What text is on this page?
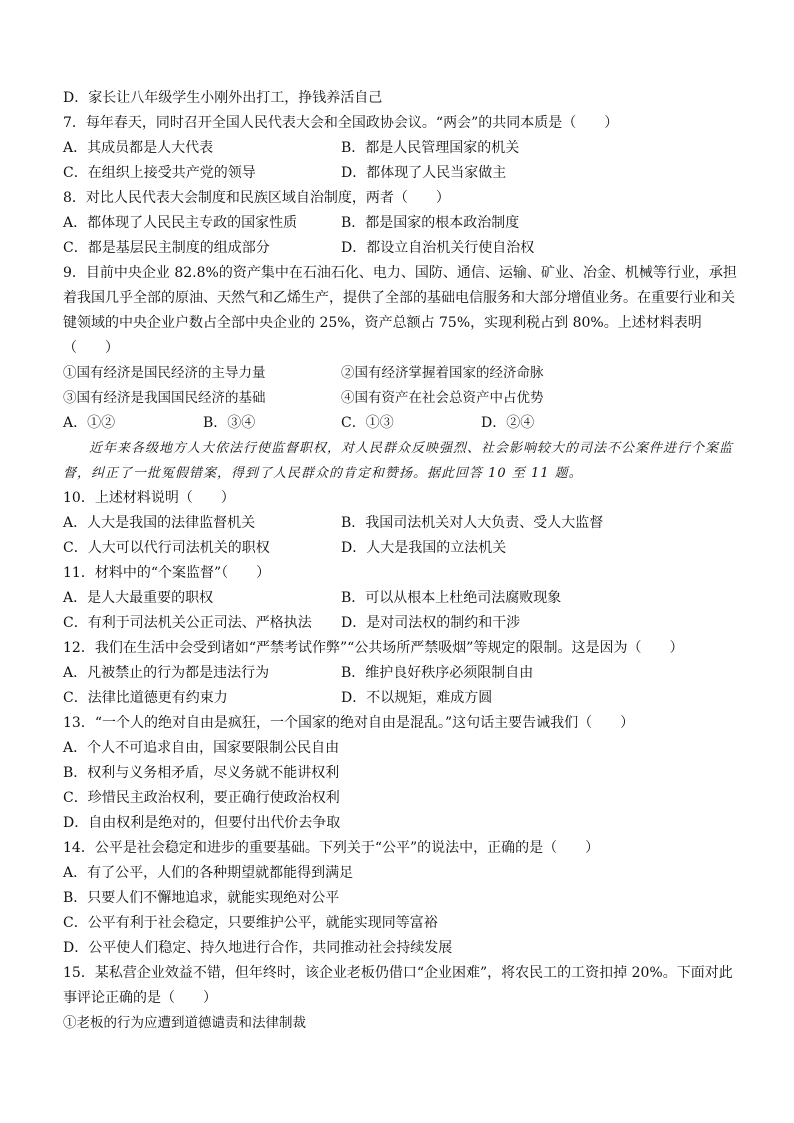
D．家长让八年级学生小刚外出打工，挣钱养活自己
7．每年春天，同时召开全国人民代表大会和全国政协会议。“两会”的共同本质是（　　）
A．其成员都是人大代表	B．都是人民管理国家的机关
C．在组织上接受共产党的领导	D．都体现了人民当家做主
8．对比人民代表大会制度和民族区域自治制度，两者（　　）
A．都体现了人民民主专政的国家性质	B．都是国家的根本政治制度
C．都是基层民主制度的组成部分	D．都设立自治机关行使自治权
9．目前中央企业 82.8%的资产集中在石油石化、电力、国防、通信、运输、矿业、冶金、机械等行业，承担着我国几乎全部的原油、天然气和乙烯生产，提供了全部的基础电信服务和大部分增值业务。在重要行业和关键领域的中央企业户数占全部中央企业的 25%，资产总额占 75%，实现利税占到 80%。上述材料表明
（　　）
①国有经济是国民经济的主导力量	②国有经济掌握着国家的经济命脉
③国有经济是我国国民经济的基础	④国有资产在社会总资产中占优势
A．①②	B．③④	C．①③	D．②④
近年来各级地方人大依法行使监督职权，对人民群众反映强烈、社会影响较大的司法不公案件进行个案监督，纠正了一批冤假错案，得到了人民群众的肯定和赞扬。据此回答 10 至 11 题。
10．上述材料说明（　　）
A．人大是我国的法律监督机关	B．我国司法机关对人大负责、受人大监督
C．人大可以代行司法机关的职权	D．人大是我国的立法机关
11．材料中的“个案监督”（　　）
A．是人大最重要的职权	B．可以从根本上杜绝司法腐败现象
C．有利于司法机关公正司法、严格执法	D．是对司法权的制约和干涉
12．我们在生活中会受到诸如“严禁考试作弊”“公共场所严禁吸烟”等规定的限制。这是因为（　　）
A．凡被禁止的行为都是违法行为	B．维护良好秩序必须限制自由
C．法律比道德更有约束力	D．不以规矩，难成方圆
13．“一个人的绝对自由是疯狂，一个国家的绝对自由是混乱。”这句话主要告诫我们（　　）
A．个人不可追求自由，国家要限制公民自由
B．权利与义务相矛盾，尽义务就不能讲权利
C．珍惜民主政治权利，要正确行使政治权利
D．自由权利是绝对的，但要付出代价去争取
14．公平是社会稳定和进步的重要基础。下列关于“公平”的说法中，正确的是（　　）
A．有了公平，人们的各种期望就都能得到满足
B．只要人们不懈地追求，就能实现绝对公平
C．公平有利于社会稳定，只要维护公平，就能实现同等富裕
D．公平使人们稳定、持久地进行合作，共同推动社会持续发展
15．某私营企业效益不错，但年终时，该企业老板仍借口“企业困难”，将农民工的工资扣掉 20%。下面对此事评论正确的是（　　）
①老板的行为应遭到道德谴责和法律制裁
